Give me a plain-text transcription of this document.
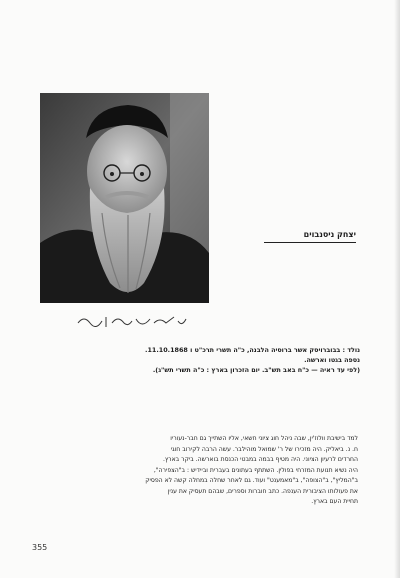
יצחק ניסנבוים
נולד : בבוברויסק אשר ברוסיה הלבנה, כ"ה תשרי תרכ"ט ו 11.10.1868.
נספה בגטו וארשה.
(לפי עד ראיה — כ"ח באב תש"ב. יום הזכרון בארץ : כ"ה תשרי תש"ג).
למד בישיבת וולוז'ין, שבה ניהל חוג ציוני חשאי, אליו השתייך גם חבר-נעוריו
ח. נ. ביאליק. היה מזכירו של ר' שמואל מוהילבר. עשה הרבה לקירוב חוגי
החרדים לרעיון הציוני. היה מטיף בבמה במבטי הכנסת בוארשה. ביקר בארץ.
היה נשיא תנועת המזרחי בפולין. השתתף בעתונים בעברית וביידיש : ב"הצפירה",
ב"המליץ", ב"הצופה", ב"מאמענט" ועוד. גם לאחר שחלה במחלה קשה לא הפסיק
את פעולותו הציבורית הענפה. כתב חוברות וספרים, שבהם תעסיק את ענין
תחיית העם בארץ.
355
